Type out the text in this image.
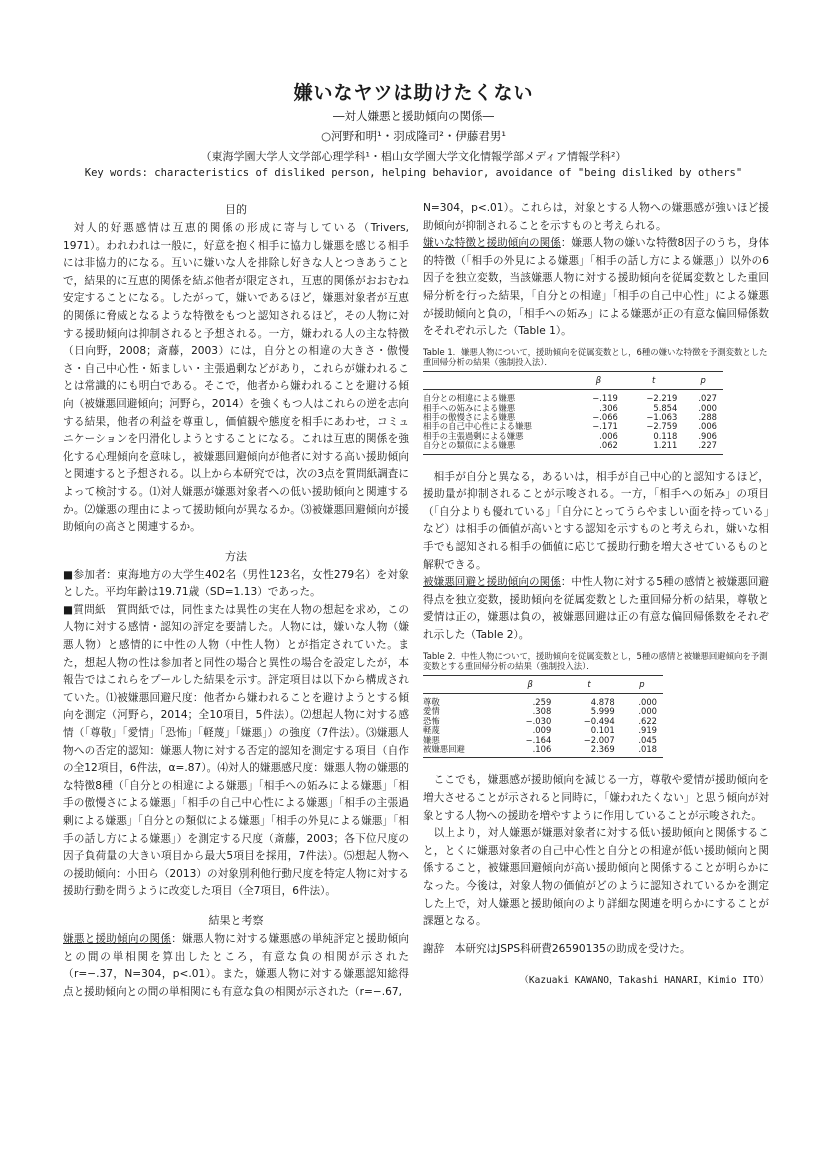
嫌いなヤツは助けたくない
―対人嫌悪と援助傾向の関係―
○河野和明¹・羽成隆司²・伊藤君男¹
（東海学園大学人文学部心理学科¹・椙山女学園大学文化情報学部メディア情報学科²）
Key words: characteristics of disliked person, helping behavior, avoidance of "being disliked by others"
目的

対人的好悪感情は互恵的関係の形成に寄与している（Trivers, 1971）。われわれは一般に，好意を抱く相手に協力し嫌悪を感じる相手には非協力的になる。互いに嫌いな人を排除し好きな人とつきあうことで，結果的に互恵的関係を結ぶ他者が限定され，互恵的関係がおおむね安定することになる。したがって，嫌いであるほど，嫌悪対象者が互恵的関係に脅威となるような特徴をもつと認知されるほど，その人物に対する援助傾向は抑制されると予想される。一方，嫌われる人の主な特徴（日向野，2008；斎藤，2003）には，自分との相違の大きさ・傲慢さ・自己中心性・妬ましい・主張過剰などがあり，これらが嫌われることは常識的にも明白である。そこで，他者から嫌われることを避ける傾向（被嫌悪回避傾向；河野ら，2014）を強くもつ人はこれらの逆を志向する結果，他者の利益を尊重し，価値観や態度を相手にあわせ，コミュニケーションを円滑化しようとすることになる。これは互恵的関係を強化する心理傾向を意味し，被嫌悪回避傾向が他者に対する高い援助傾向と関連すると予想される。以上から本研究では，次の3点を質問紙調査によって検討する。⑴対人嫌悪が嫌悪対象者への低い援助傾向と関連するか。⑵嫌悪の理由によって援助傾向が異なるか。⑶被嫌悪回避傾向が援助傾向の高さと関連するか。

方法

■参加者：東海地方の大学生402名（男性123名，女性279名）を対象とした。平均年齢は19.71歳（SD=1.13）であった。

■質問紙　質問紙では，同性または異性の実在人物の想起を求め，この人物に対する感情・認知の評定を要請した。人物には，嫌いな人物（嫌悪人物）と感情的に中性の人物（中性人物）とが指定されていた。また，想起人物の性は参加者と同性の場合と異性の場合を設定したが，本報告ではこれらをプールした結果を示す。評定項目は以下から構成されていた。⑴被嫌悪回避尺度：他者から嫌われることを避けようとする傾向を測定（河野ら，2014；全10項目，5件法）。⑵想起人物に対する感情（「尊敬」「愛情」「恐怖」「軽蔑」「嫌悪」）の強度（7件法）。⑶嫌悪人物への否定的認知：嫌悪人物に対する否定的認知を測定する項目（自作の全12項目，6件法，α=.87）。⑷対人的嫌悪感尺度：嫌悪人物の嫌悪的な特徴8種（「自分との相違による嫌悪」「相手への妬みによる嫌悪」「相手の傲慢さによる嫌悪」「相手の自己中心性による嫌悪」「相手の主張過剰による嫌悪」「自分との類似による嫌悪」「相手の外見による嫌悪」「相手の話し方による嫌悪」）を測定する尺度（斎藤，2003；各下位尺度の因子負荷量の大きい項目から最大5項目を採用，7件法）。⑸想起人物への援助傾向：小田ら（2013）の対象別利他行動尺度を特定人物に対する援助行動を問うように改変した項目（全7項目，6件法）。

結果と考察

嫌悪と援助傾向の関係：嫌悪人物に対する嫌悪感の単純評定と援助傾向との間の単相関を算出したところ，有意な負の相関が示された（r=−.37，N=304，p<.01）。また，嫌悪人物に対する嫌悪認知総得点と援助傾向との間の単相関にも有意な負の相関が示された（r=−.67,

N=304，p<.01）。これらは，対象とする人物への嫌悪感が強いほど援助傾向が抑制されることを示すものと考えられる。

嫌いな特徴と援助傾向の関係：嫌悪人物の嫌いな特徴8因子のうち，身体的特徴（「相手の外見による嫌悪」「相手の話し方による嫌悪」）以外の6因子を独立変数，当該嫌悪人物に対する援助傾向を従属変数とした重回帰分析を行った結果，「自分との相違」「相手の自己中心性」による嫌悪が援助傾向と負の，「相手への妬み」による嫌悪が正の有意な偏回帰係数をそれぞれ示した（Table 1）。

Table 1．嫌悪人物について，援助傾向を従属変数とし，6種の嫌いな特徴を予測変数とした重回帰分析の結果（強制投入法）．
	β	t	p
自分との相違による嫌悪	−.119	−2.219	.027
相手への妬みによる嫌悪	.306	5.854	.000
相手の傲慢さによる嫌悪	−.066	−1.063	.288
相手の自己中心性による嫌悪	−.171	−2.759	.006
相手の主張過剰による嫌悪	.006	0.118	.906
自分との類似による嫌悪	.062	1.211	.227

相手が自分と異なる，あるいは，相手が自己中心的と認知するほど，援助量が抑制されることが示唆される。一方，「相手への妬み」の項目（「自分よりも優れている」「自分にとってうらやましい面を持っている」など）は相手の価値が高いとする認知を示すものと考えられ，嫌いな相手でも認知される相手の価値に応じて援助行動を増大させているものと解釈できる。

被嫌悪回避と援助傾向の関係：中性人物に対する5種の感情と被嫌悪回避得点を独立変数，援助傾向を従属変数とした重回帰分析の結果，尊敬と愛情は正の，嫌悪は負の，被嫌悪回避は正の有意な偏回帰係数をそれぞれ示した（Table 2）。

Table 2．中性人物について，援助傾向を従属変数とし，5種の感情と被嫌悪回避傾向を予測変数とする重回帰分析の結果（強制投入法）．
	β	t	p
尊敬	.259	4.878	.000
愛情	.308	5.999	.000
恐怖	−.030	−0.494	.622
軽蔑	.009	0.101	.919
嫌悪	−.164	−2.007	.045
被嫌悪回避	.106	2.369	.018

ここでも，嫌悪感が援助傾向を減じる一方，尊敬や愛情が援助傾向を増大させることが示されると同時に，「嫌われたくない」と思う傾向が対象とする人物への援助を増やすように作用していることが示唆された。

以上より，対人嫌悪が嫌悪対象者に対する低い援助傾向と関係すること，とくに嫌悪対象者の自己中心性と自分との相違が低い援助傾向と関係すること，被嫌悪回避傾向が高い援助傾向と関係することが明らかになった。今後は，対象人物の価値がどのように認知されているかを測定した上で，対人嫌悪と援助傾向のより詳細な関連を明らかにすることが課題となる。

謝辞　本研究はJSPS科研費26590135の助成を受けた。

（Kazuaki KAWANO，Takashi HANARI，Kimio ITO）
